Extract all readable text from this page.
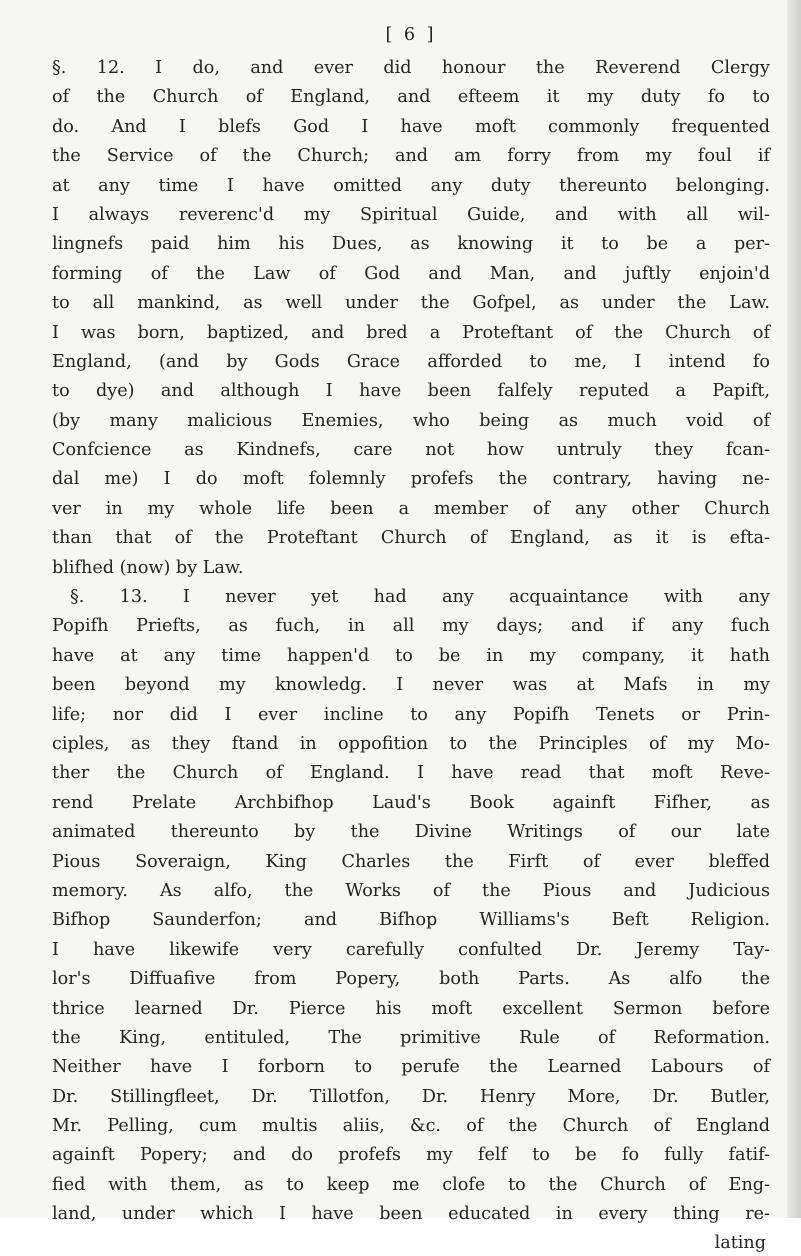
[ 6 ]
§. 12. I do, and ever did honour the Reverend Clergy
of the Church of England, and efteem it my duty fo to
do. And I blefs God I have moft commonly frequented
the Service of the Church; and am forry from my foul if
at any time I have omitted any duty thereunto belonging.
I always reverenc'd my Spiritual Guide, and with all wil-
lingnefs paid him his Dues, as knowing it to be a per-
forming of the Law of God and Man, and juftly enjoin'd
to all mankind, as well under the Gofpel, as under the Law.
I was born, baptized, and bred a Proteftant of the Church of
England, (and by Gods Grace afforded to me, I intend fo
to dye) and although I have been falfely reputed a Papift,
(by many malicious Enemies, who being as much void of
Confcience as Kindnefs, care not how untruly they fcan-
dal me) I do moft folemnly profefs the contrary, having ne-
ver in my whole life been a member of any other Church
than that of the Proteftant Church of England, as it is efta-
blifhed (now) by Law.
§. 13. I never yet had any acquaintance with any
Popifh Priefts, as fuch, in all my days; and if any fuch
have at any time happen'd to be in my company, it hath
been beyond my knowledg. I never was at Mafs in my
life; nor did I ever incline to any Popifh Tenets or Prin-
ciples, as they ftand in oppofition to the Principles of my Mo-
ther the Church of England. I have read that moft Reve-
rend Prelate Archbifhop Laud's Book againft Fifher, as
animated thereunto by the Divine Writings of our late
Pious Soveraign, King Charles the Firft of ever bleffed
memory. As alfo, the Works of the Pious and Judicious
Bifhop Saunderfon; and Bifhop Williams's Beft Religion.
I have likewife very carefully confulted Dr. Jeremy Tay-
lor's Diffuafive from Popery, both Parts. As alfo the
thrice learned Dr. Pierce his moft excellent Sermon before
the King, entituled, The primitive Rule of Reformation.
Neither have I forborn to perufe the Learned Labours of
Dr. Stillingfleet, Dr. Tillotfon, Dr. Henry More, Dr. Butler,
Mr. Pelling, cum multis aliis, &c. of the Church of England
againft Popery; and do profefs my felf to be fo fully fatif-
fied with them, as to keep me clofe to the Church of Eng-
land, under which I have been educated in every thing re-
lating
